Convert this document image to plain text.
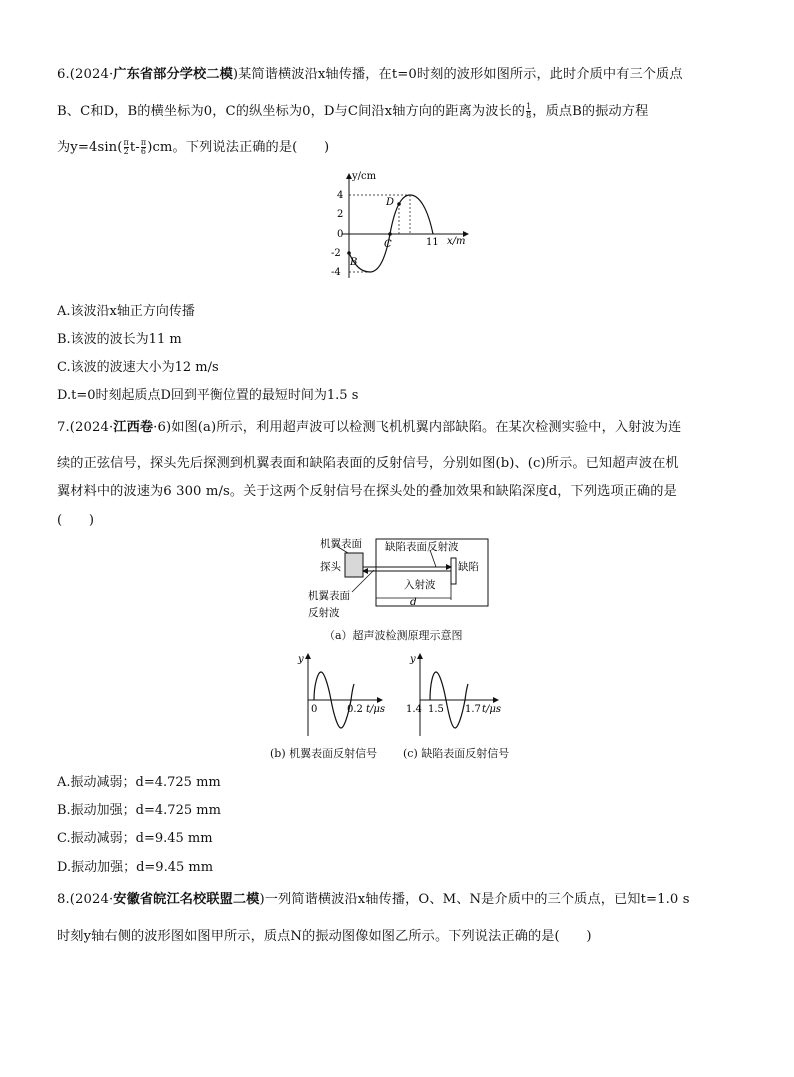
6.(2024·广东省部分学校二模)某简谐横波沿x轴传播，在t=0时刻的波形如图所示，此时介质中有三个质点
B、C和D，B的横坐标为0，C的纵坐标为0，D与C间沿x轴方向的距离为波长的 $\frac{1}{8}$ ，质点B的振动方程
为$y=4\sin( \frac{\pi}{2} t- \frac{\pi}{6} )cm$。下列说法正确的是(　　)
y/cm
x/m
4
2
0
-2
-4
11
B
C
D
A.该波沿x轴正方向传播
B.该波的波长为11 m
C.该波的波速大小为12 m/s
D.t=0时刻起质点D回到平衡位置的最短时间为1.5 s
7.(2024·江西卷·6)如图(a)所示，利用超声波可以检测飞机机翼内部缺陷。在某次检测实验中，入射波为连
续的正弦信号，探头先后探测到机翼表面和缺陷表面的反射信号，分别如图(b)、(c)所示。已知超声波在机
翼材料中的波速为6 300 m/s。关于这两个反射信号在探头处的叠加效果和缺陷深度d，下列选项正确的是
(　　)
机翼表面
探头
缺陷表面反射波
缺陷
入射波
d
机翼表面
反射波
（a）超声波检测原理示意图
y
0	0.2 t/μs
y
1.4 1.5 1.7 t/μs
(b) 机翼表面反射信号 (c) 缺陷表面反射信号
A.振动减弱；d=4.725 mm
B.振动加强；d=4.725 mm
C.振动减弱；d=9.45 mm
D.振动加强；d=9.45 mm
8.(2024·安徽省皖江名校联盟二模)一列简谐横波沿x轴传播，O、M、N是介质中的三个质点，已知t=1.0 s
时刻y轴右侧的波形图如图甲所示，质点N的振动图像如图乙所示。下列说法正确的是(　　)
